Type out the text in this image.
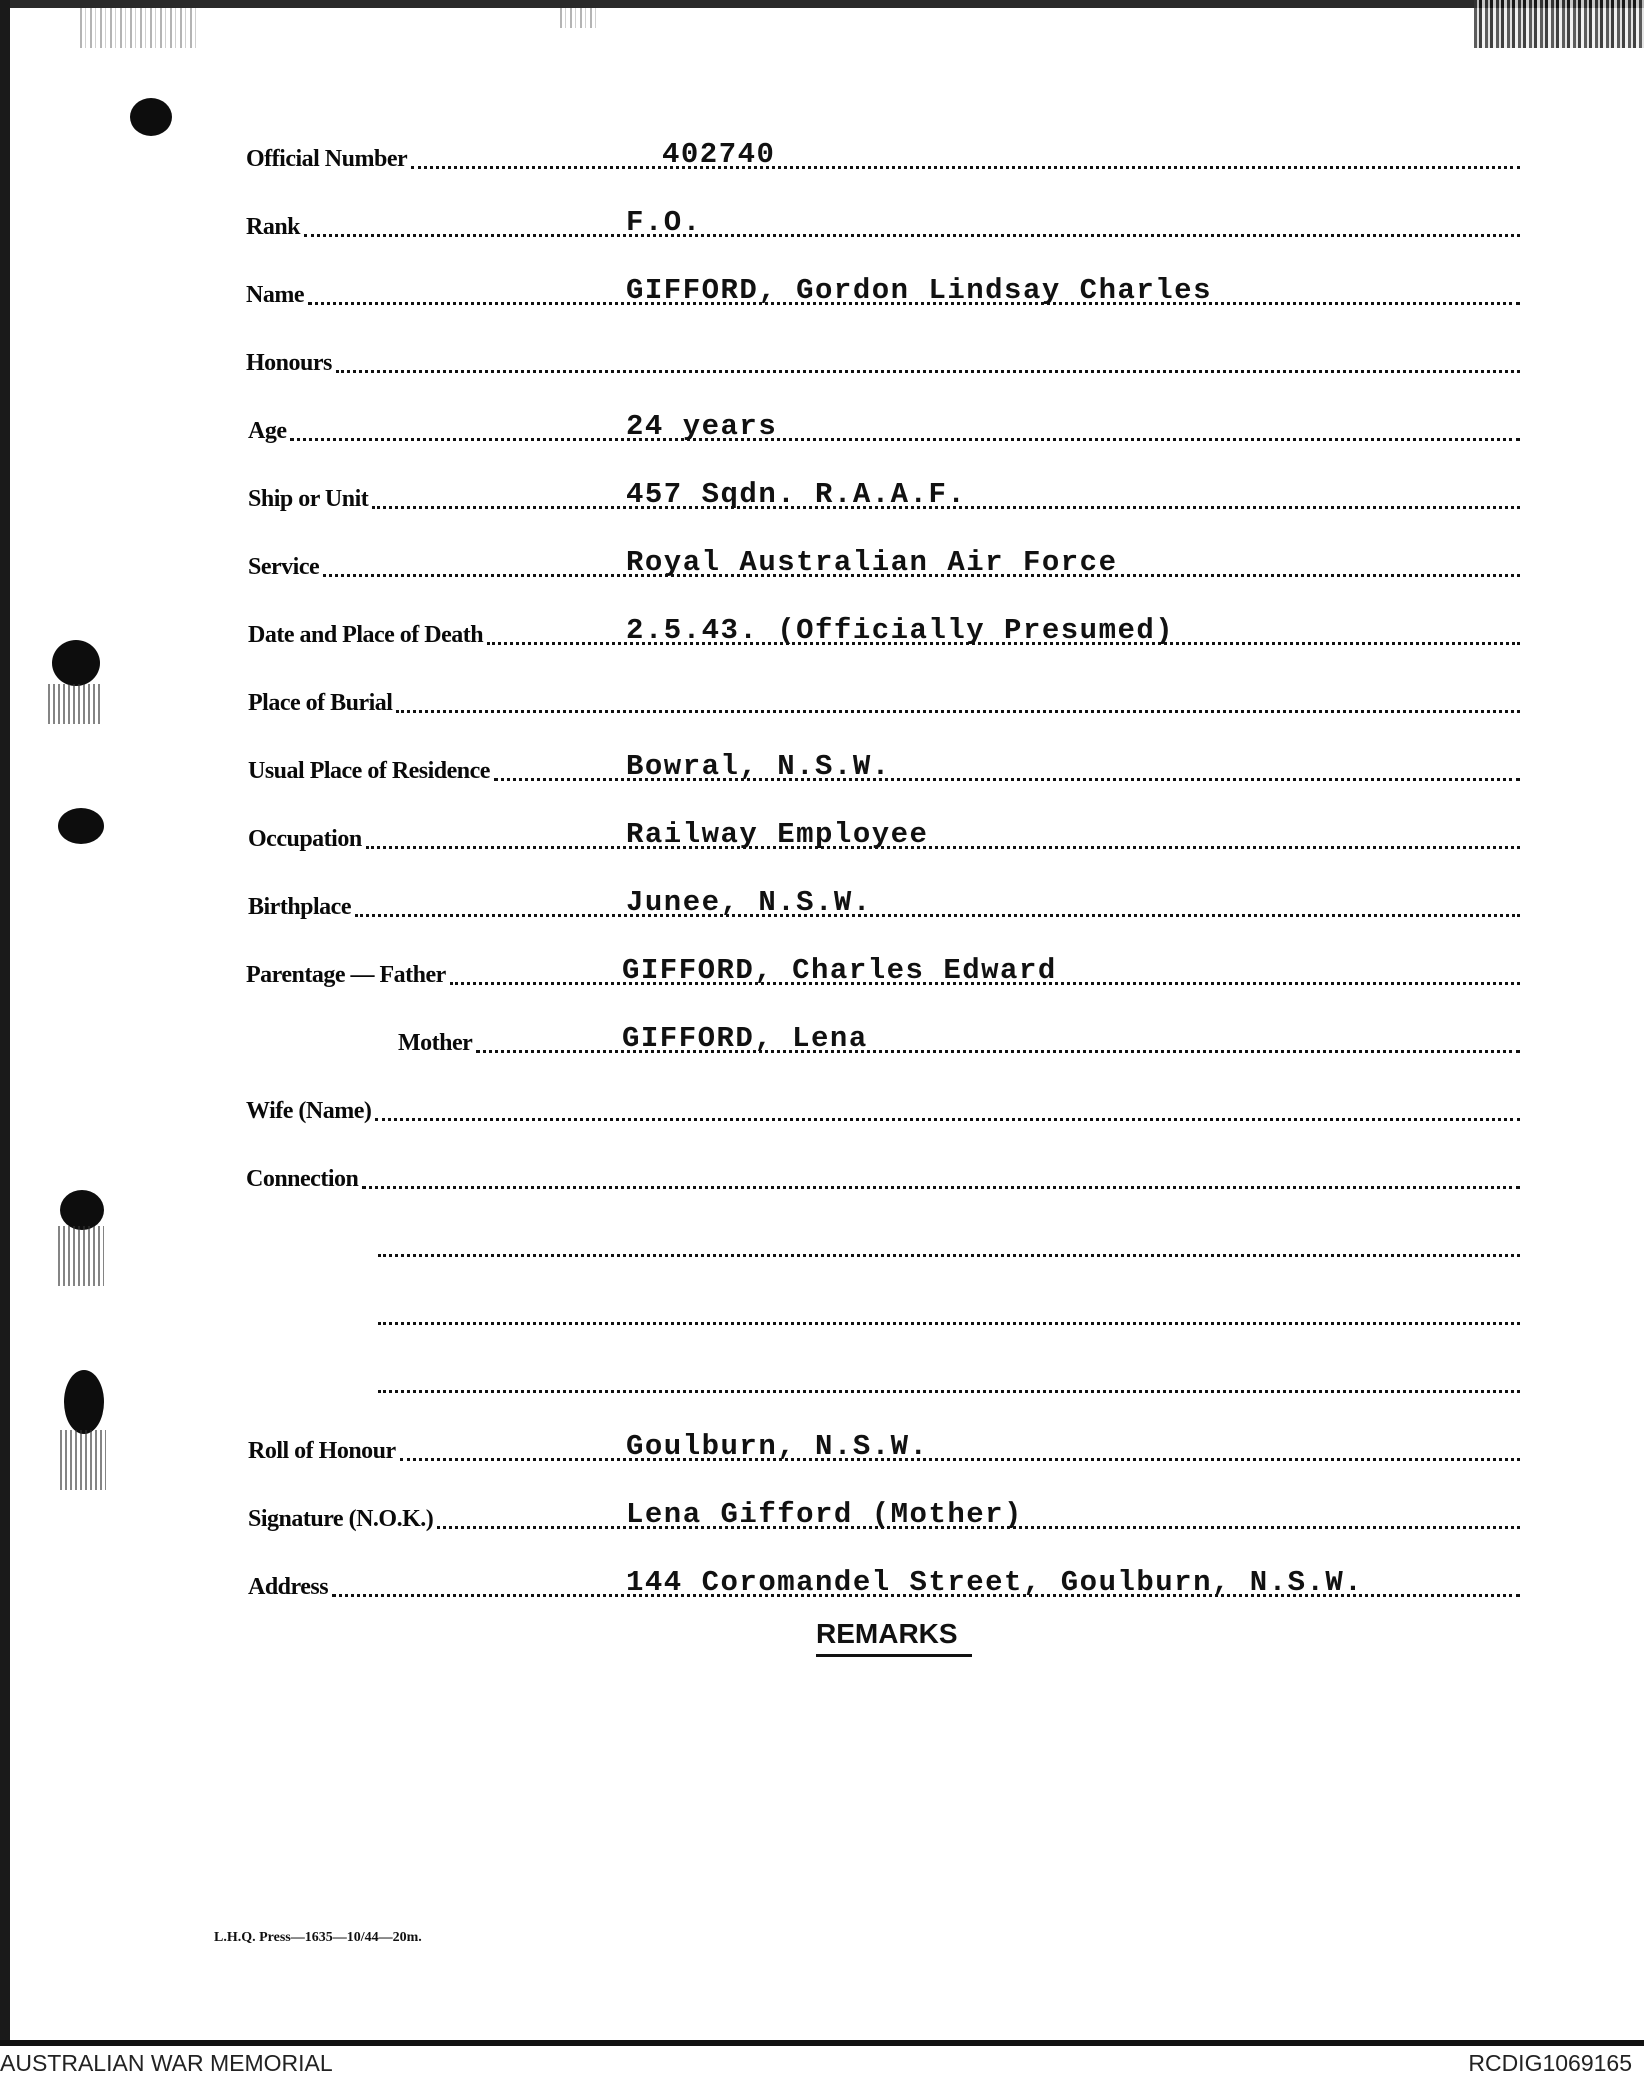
Official Number	402740
Rank	F.O.
Name	GIFFORD, Gordon Lindsay Charles
Honours
Age	24 years
Ship or Unit	457 Sqdn. R.A.A.F.
Service	Royal Australian Air Force
Date and Place of Death	2.5.43. (Officially Presumed)
Place of Burial
Usual Place of Residence	Bowral, N.S.W.
Occupation	Railway Employee
Birthplace	Junee, N.S.W.
Parentage — Father	GIFFORD, Charles Edward
Mother	GIFFORD, Lena
Wife (Name)
Connection
Roll of Honour	Goulburn, N.S.W.
Signature (N.O.K.)	Lena Gifford (Mother)
Address	144 Coromandel Street, Goulburn, N.S.W.
REMARKS
L.H.Q. Press—1635—10/44—20m.
AUSTRALIAN WAR MEMORIAL	RCDIG1069165
